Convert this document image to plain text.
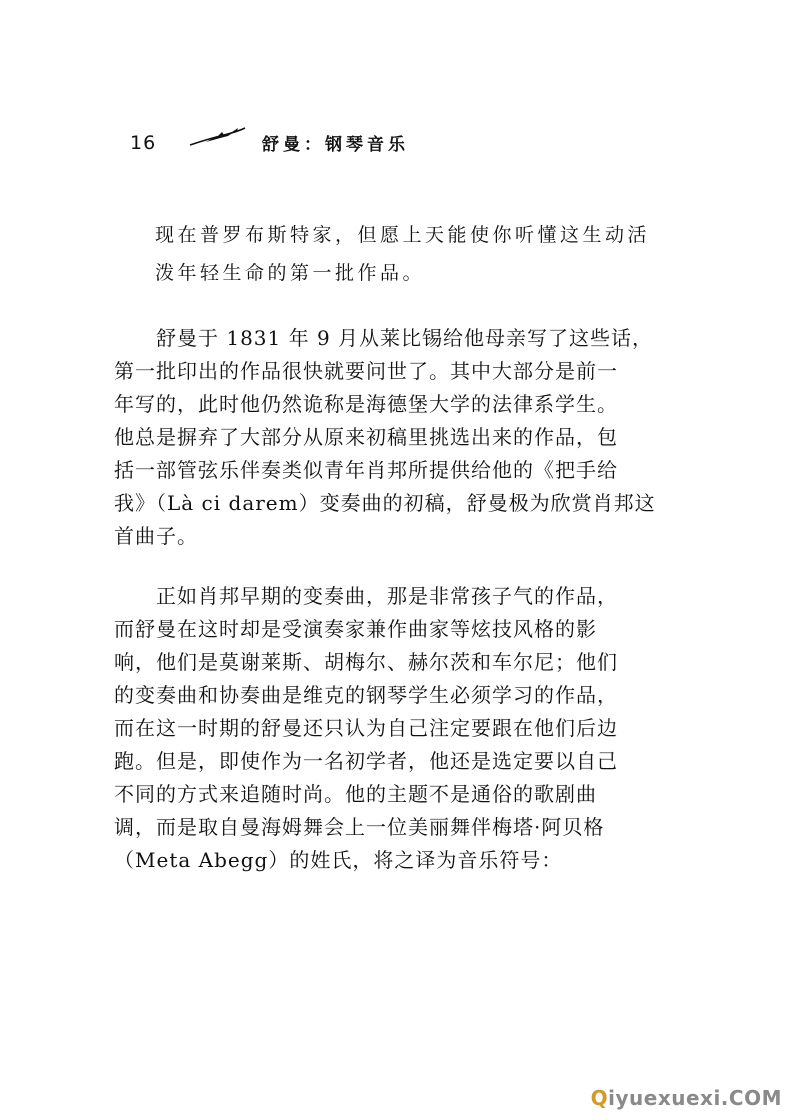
16	舒曼：钢琴音乐
现在普罗布斯特家，但愿上天能使你听懂这生动活
泼年轻生命的第一批作品。
舒曼于 1831 年 9 月从莱比锡给他母亲写了这些话，
第一批印出的作品很快就要问世了。其中大部分是前一
年写的，此时他仍然诡称是海德堡大学的法律系学生。
他总是摒弃了大部分从原来初稿里挑选出来的作品，包
括一部管弦乐伴奏类似青年肖邦所提供给他的《把手给
我》（Là ci darem）变奏曲的初稿，舒曼极为欣赏肖邦这
首曲子。
正如肖邦早期的变奏曲，那是非常孩子气的作品，
而舒曼在这时却是受演奏家兼作曲家等炫技风格的影
响，他们是莫谢莱斯、胡梅尔、赫尔茨和车尔尼；他们
的变奏曲和协奏曲是维克的钢琴学生必须学习的作品，
而在这一时期的舒曼还只认为自己注定要跟在他们后边
跑。但是，即使作为一名初学者，他还是选定要以自己
不同的方式来追随时尚。他的主题不是通俗的歌剧曲
调，而是取自曼海姆舞会上一位美丽舞伴梅塔·阿贝格
（Meta Abegg）的姓氏，将之译为音乐符号：
Qiyuexuexi.COM
